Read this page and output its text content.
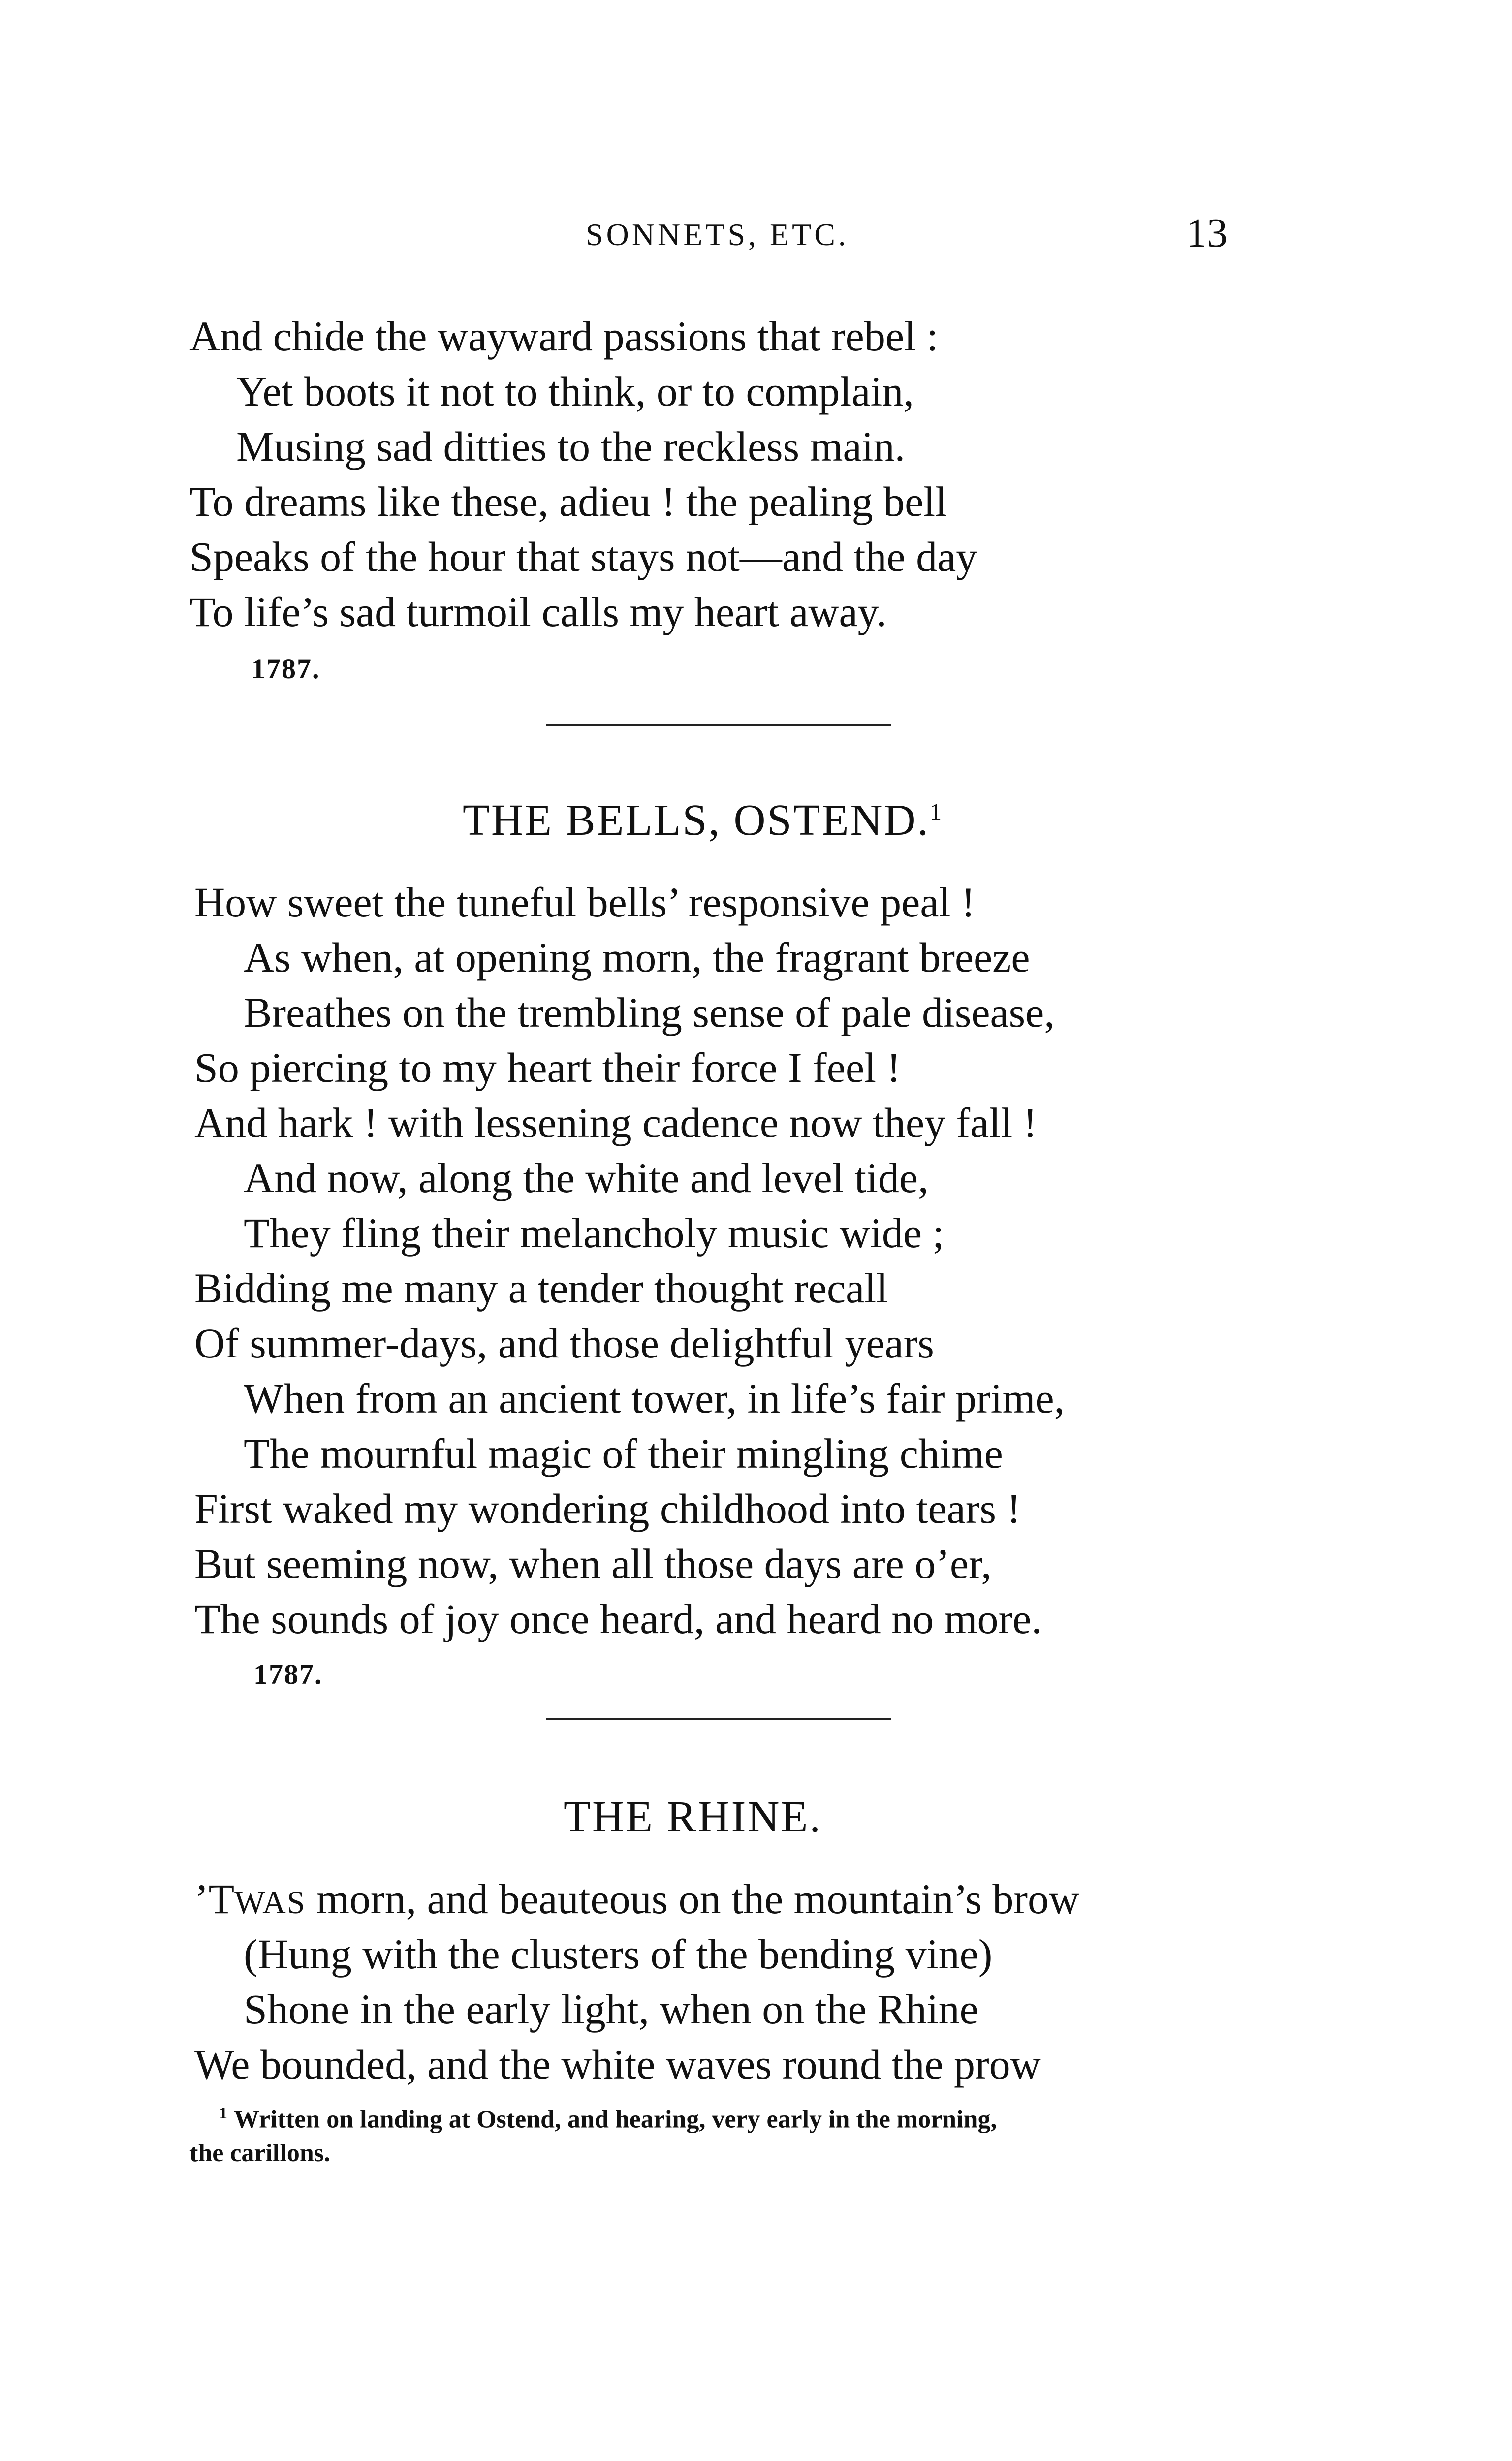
SONNETS, ETC.	13
And chide the wayward passions that rebel :
Yet boots it not to think, or to complain,
Musing sad ditties to the reckless main.
To dreams like these, adieu ! the pealing bell
Speaks of the hour that stays not—and the day
To life’s sad turmoil calls my heart away.
1787.
THE BELLS, OSTEND.$^1$
How sweet the tuneful bells’ responsive peal !
As when, at opening morn, the fragrant breeze
Breathes on the trembling sense of pale disease,
So piercing to my heart their force I feel !
And hark ! with lessening cadence now they fall !
And now, along the white and level tide,
They fling their melancholy music wide ;
Bidding me many a tender thought recall
Of summer-days, and those delightful years
When from an ancient tower, in life’s fair prime,
The mournful magic of their mingling chime
First waked my wondering childhood into tears !
But seeming now, when all those days are o’er,
The sounds of joy once heard, and heard no more.
1787.
THE RHINE.
’TWAS morn, and beauteous on the mountain’s brow
(Hung with the clusters of the bending vine)
Shone in the early light, when on the Rhine
We bounded, and the white waves round the prow
$^1$ Written on landing at Ostend, and hearing, very early in the morning,
the carillons.
